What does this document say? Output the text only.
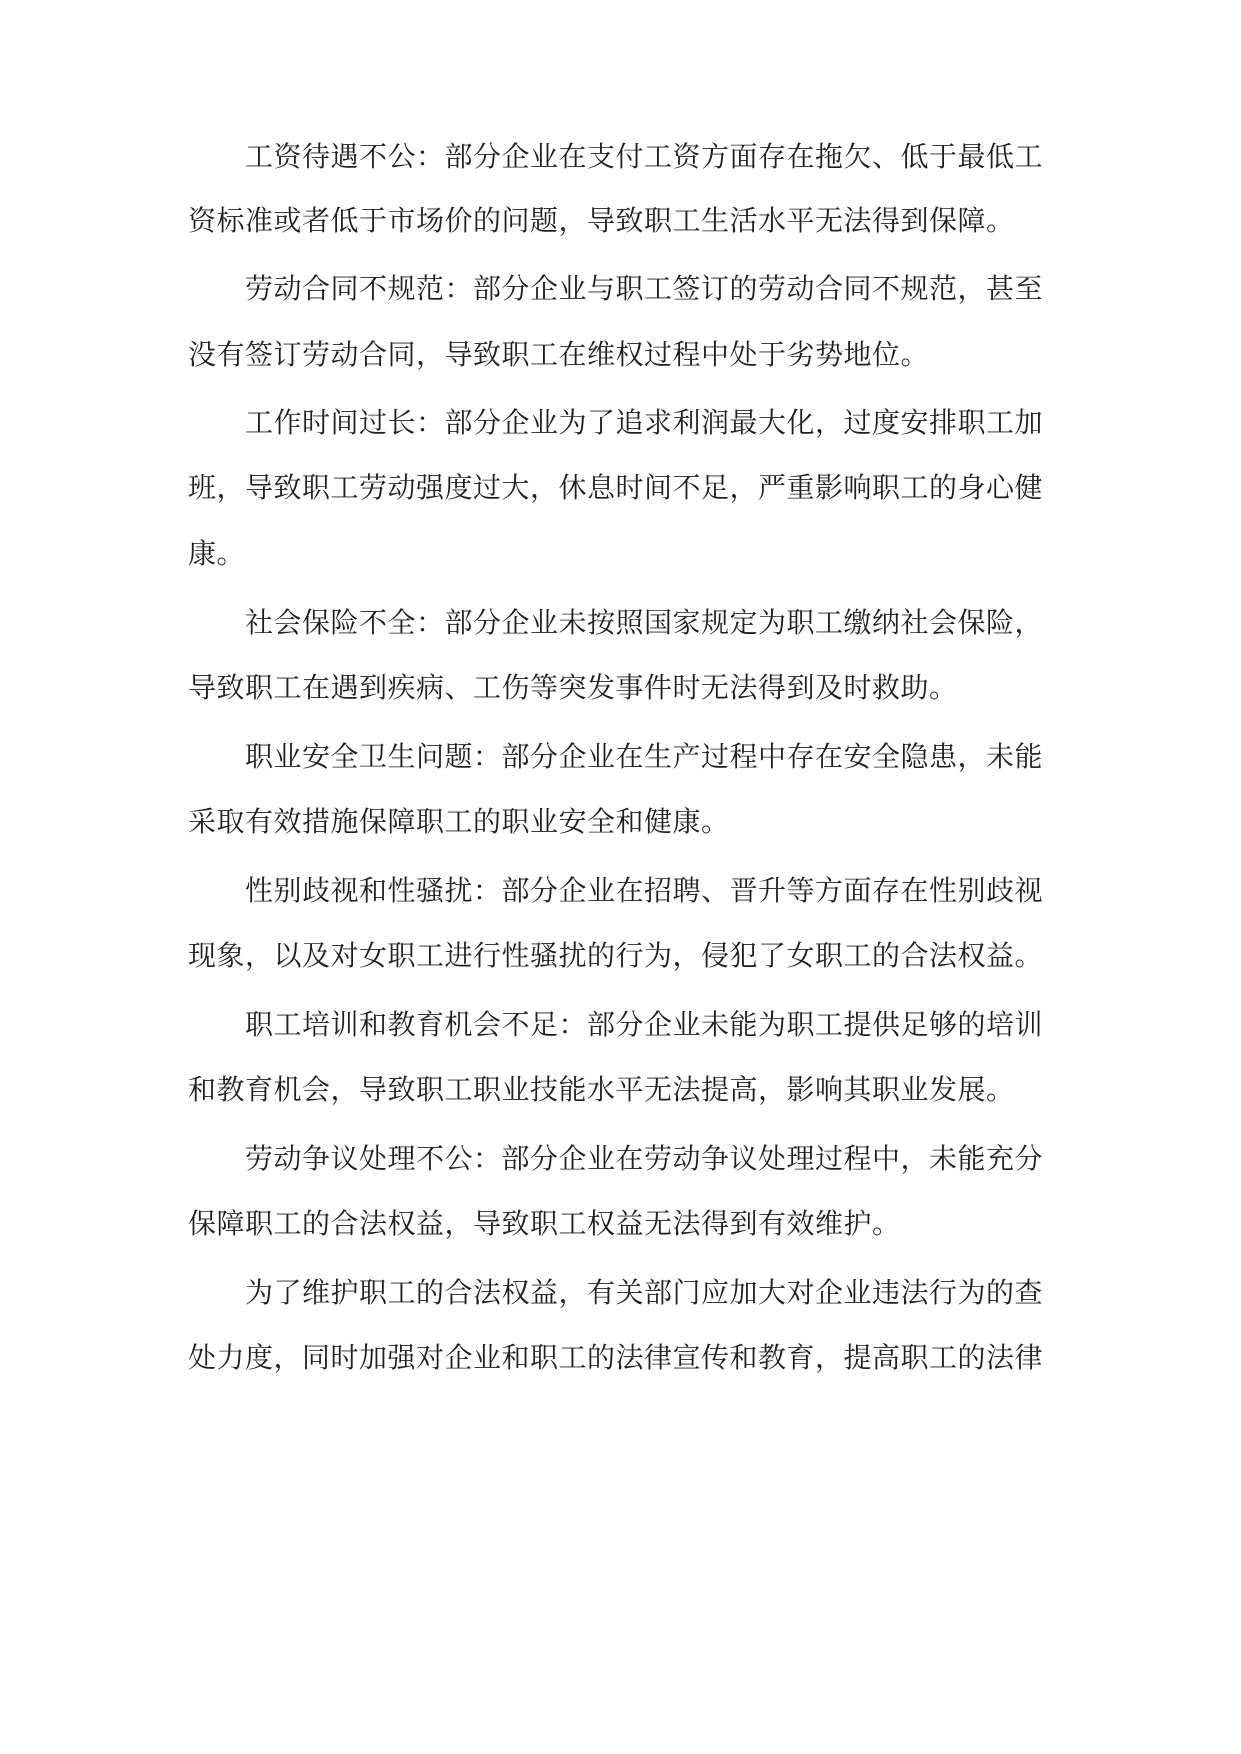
工资待遇不公：部分企业在支付工资方面存在拖欠、低于最低工

资标准或者低于市场价的问题，导致职工生活水平无法得到保障。

劳动合同不规范：部分企业与职工签订的劳动合同不规范，甚至

没有签订劳动合同，导致职工在维权过程中处于劣势地位。

工作时间过长：部分企业为了追求利润最大化，过度安排职工加

班，导致职工劳动强度过大，休息时间不足，严重影响职工的身心健

康。

社会保险不全：部分企业未按照国家规定为职工缴纳社会保险，

导致职工在遇到疾病、工伤等突发事件时无法得到及时救助。

职业安全卫生问题：部分企业在生产过程中存在安全隐患，未能

采取有效措施保障职工的职业安全和健康。

性别歧视和性骚扰：部分企业在招聘、晋升等方面存在性别歧视

现象，以及对女职工进行性骚扰的行为，侵犯了女职工的合法权益。

职工培训和教育机会不足：部分企业未能为职工提供足够的培训

和教育机会，导致职工职业技能水平无法提高，影响其职业发展。

劳动争议处理不公：部分企业在劳动争议处理过程中，未能充分

保障职工的合法权益，导致职工权益无法得到有效维护。

为了维护职工的合法权益，有关部门应加大对企业违法行为的查

处力度，同时加强对企业和职工的法律宣传和教育，提高职工的法律
